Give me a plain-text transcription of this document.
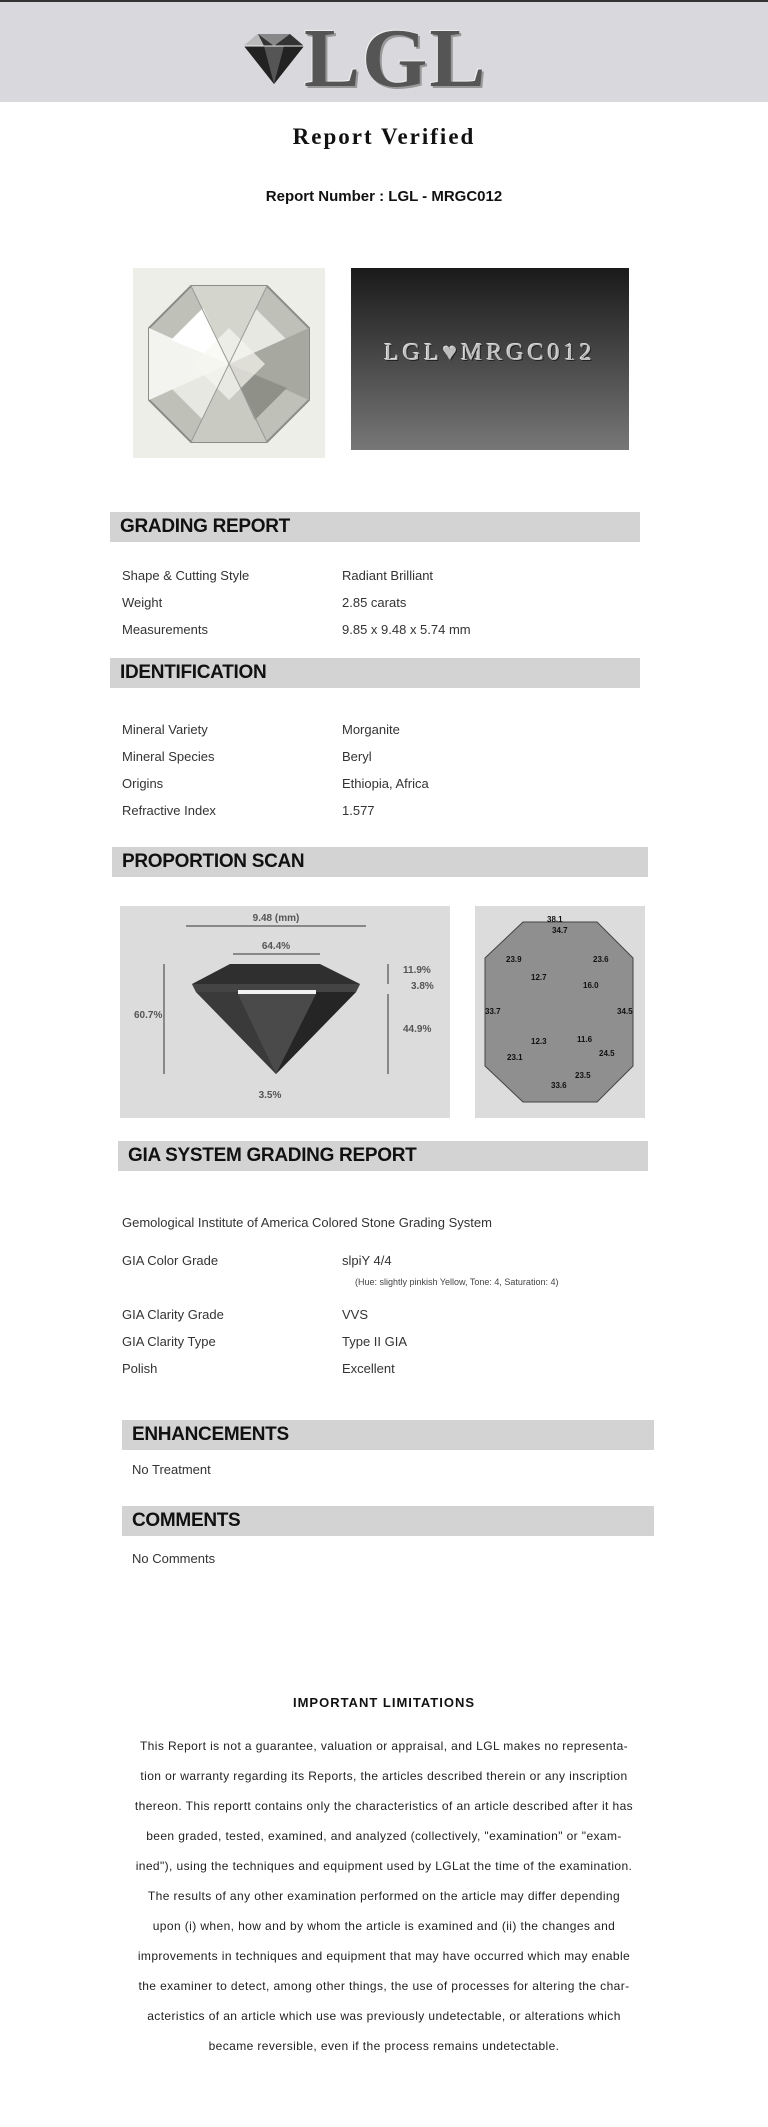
LGL
Report Verified
Report Number : LGL - MRGC012
LGL♥MRGC012
GRADING REPORT
Shape & Cutting Style	Radiant Brilliant
Weight	2.85 carats
Measurements	9.85 x 9.48 x 5.74 mm
IDENTIFICATION
Mineral Variety	Morganite
Mineral Species	Beryl
Origins	Ethiopia, Africa
Refractive Index	1.577
PROPORTION SCAN
9.48 (mm)
64.4%
60.7%
11.9%
3.8%
44.9%
3.5%
38.1
34.7
23.9	23.6
12.7
16.0
33.7	34.5
12.3	11.6
24.5
23.1
23.5
33.6
GIA SYSTEM GRADING REPORT
Gemological Institute of America Colored Stone Grading System
GIA Color Grade	slpiY 4/4
(Hue: slightly pinkish Yellow, Tone: 4, Saturation: 4)
GIA Clarity Grade	VVS
GIA Clarity Type	Type II GIA
Polish	Excellent
ENHANCEMENTS
No Treatment
COMMENTS
No Comments
IMPORTANT LIMITATIONS
This Report is not a guarantee, valuation or appraisal, and LGL makes no representa-
tion or warranty regarding its Reports, the articles described therein or any inscription
thereon. This reportt contains only the characteristics of an article described after it has
been graded, tested, examined, and analyzed (collectively, "examination" or "exam-
ined"), using the techniques and equipment used by LGLat the time of the examination.
The results of any other examination performed on the article may differ depending
upon (i) when, how and by whom the article is examined and (ii) the changes and
improvements in techniques and equipment that may have occurred which may enable
the examiner to detect, among other things, the use of processes for altering the char-
acteristics of an article which use was previously undetectable, or alterations which
became reversible, even if the process remains undetectable.
